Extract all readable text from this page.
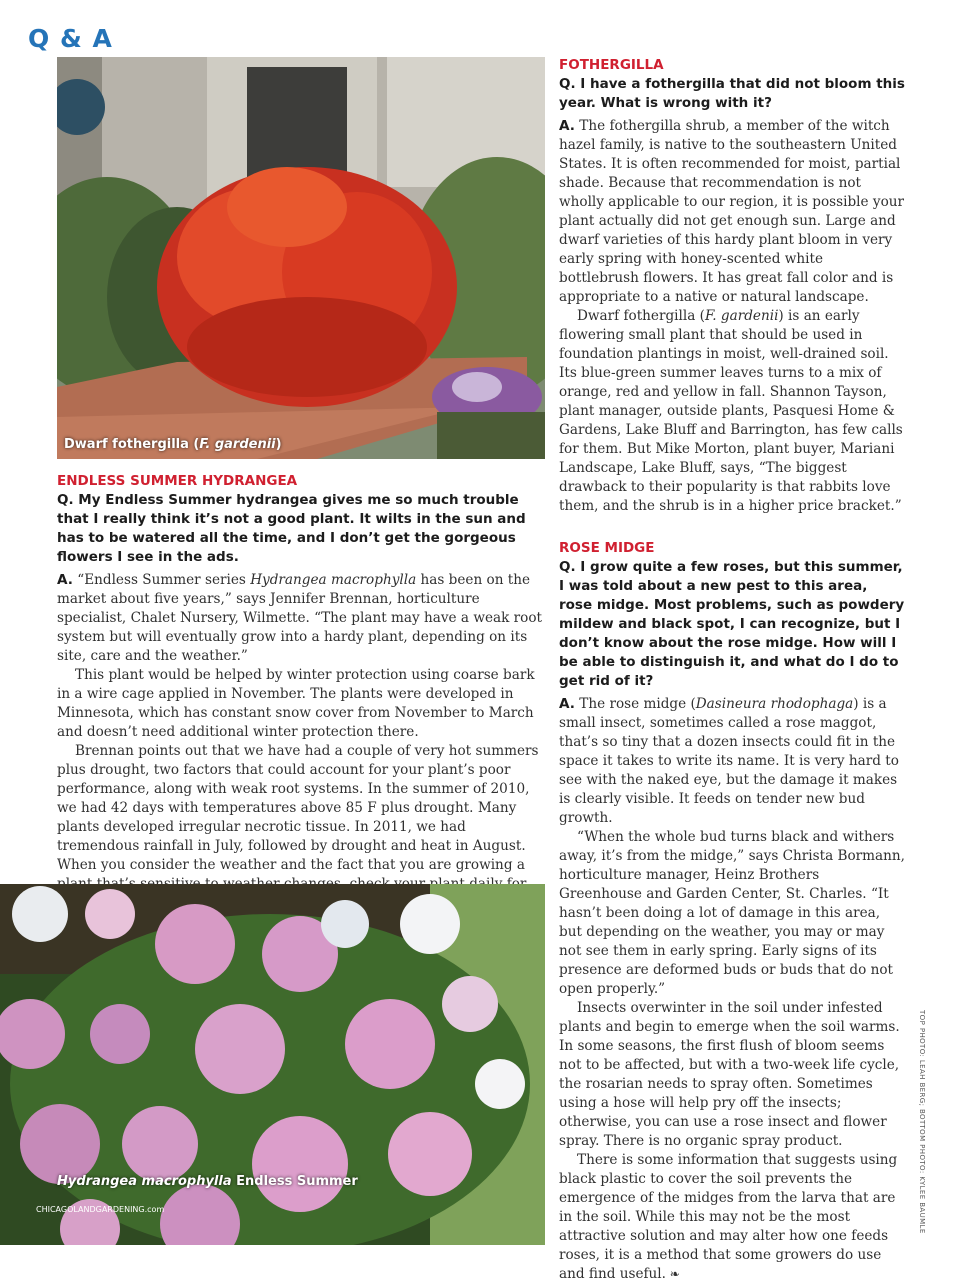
Q & A
Dwarf fothergilla (F. gardenii)
ENDLESS SUMMER HYDRANGEA
Q. My Endless Summer hydrangea gives me so much trouble that I really think it’s not a good plant. It wilts in the sun and has to be watered all the time, and I don’t get the gorgeous flowers I see in the ads.

A. “Endless Summer series Hydrangea macrophylla has been on the market about five years,” says Jennifer Brennan, horticulture specialist, Chalet Nursery, Wilmette. “The plant may have a weak root system but will eventually grow into a hardy plant, depending on its site, care and the weather.”

This plant would be helped by winter protection using coarse bark in a wire cage applied in November. The plants were developed in Minnesota, which has constant snow cover from November to March and doesn’t need additional winter protection there.

Brennan points out that we have had a couple of very hot summers plus drought, two factors that could account for your plant’s poor performance, along with weak root systems. In the summer of 2010, we had 42 days with temperatures above 85 F plus drought. Many plants developed irregular necrotic tissue. In 2011, we had tremendous rainfall in July, followed by drought and heat in August. When you consider the weather and the fact that you are growing a

Hydrangea macrophylla Endless Summer
CHICAGOLANDGARDENING.com
FOTHERGILLA
Q. I have a fothergilla that did not bloom this year. What is wrong with it?

A. The fothergilla shrub, a member of the witch hazel family, is native to the southeastern United States. It is often recommended for moist, partial shade. Because that recommendation is not wholly applicable to our region, it is possible your plant actually did not get enough sun. Large and dwarf varieties of this hardy plant bloom in very early spring with honey-scented white bottlebrush flowers. It has great fall color and is appropriate to a native or natural landscape.

Dwarf fothergilla (F. gardenii) is an early flowering small plant that should be used in foundation plantings in moist, well-drained soil. Its blue-green summer leaves turns to a mix of orange, red and yellow in fall. Shannon Tayson, plant manager, outside plants, Pasquesi Home & Gardens, Lake Bluff and Barrington, has few calls for them. But Mike Morton, plant buyer, Mariani Landscape, Lake Bluff, says, “The biggest drawback to their popularity is that rabbits love them, and the shrub is in a higher price bracket.”

ROSE MIDGE
Q. I grow quite a few roses, but this summer, I was told about a new pest to this area, rose midge. Most problems, such as powdery mildew and black spot, I can recognize, but I don’t know about the rose midge. How will I be able to distinguish it, and what do I do to get rid of it?

A. The rose midge (Dasineura rhodophaga) is a small insect, sometimes called a rose maggot, that’s so tiny that a dozen insects could fit in the space it takes to write its name. It is very hard to see with the naked eye, but the damage it makes is clearly visible. It feeds on tender new bud growth.

“When the whole bud turns black and withers away, it’s from the midge,” says Christa Bormann, horticulture manager, Heinz Brothers Greenhouse and Garden Center, St. Charles. “It hasn’t been doing a lot of damage in this area, but depending on the weather, you may or may not see them in early spring. Early signs of its presence are deformed buds or buds that do not open properly.”

Insects overwinter in the soil under infested plants and begin to emerge when the soil warms. In some seasons, the first flush of bloom seems not to be affected, but with a two-week life cycle, the rosarian needs to spray often. Sometimes using a hose will help pry off the insects; otherwise, you can use a rose insect and flower spray. There is no organic spray product.

There is some information that suggests using black plastic to cover the soil prevents the emergence of the midges from the larva that are in the soil. While this may not be the most attractive solution and may alter how one feeds roses, it is a method that some growers do use and find useful. ❧

TOP PHOTO: LEAH BERG; BOTTOM PHOTO: KYLEE BAUMLE
